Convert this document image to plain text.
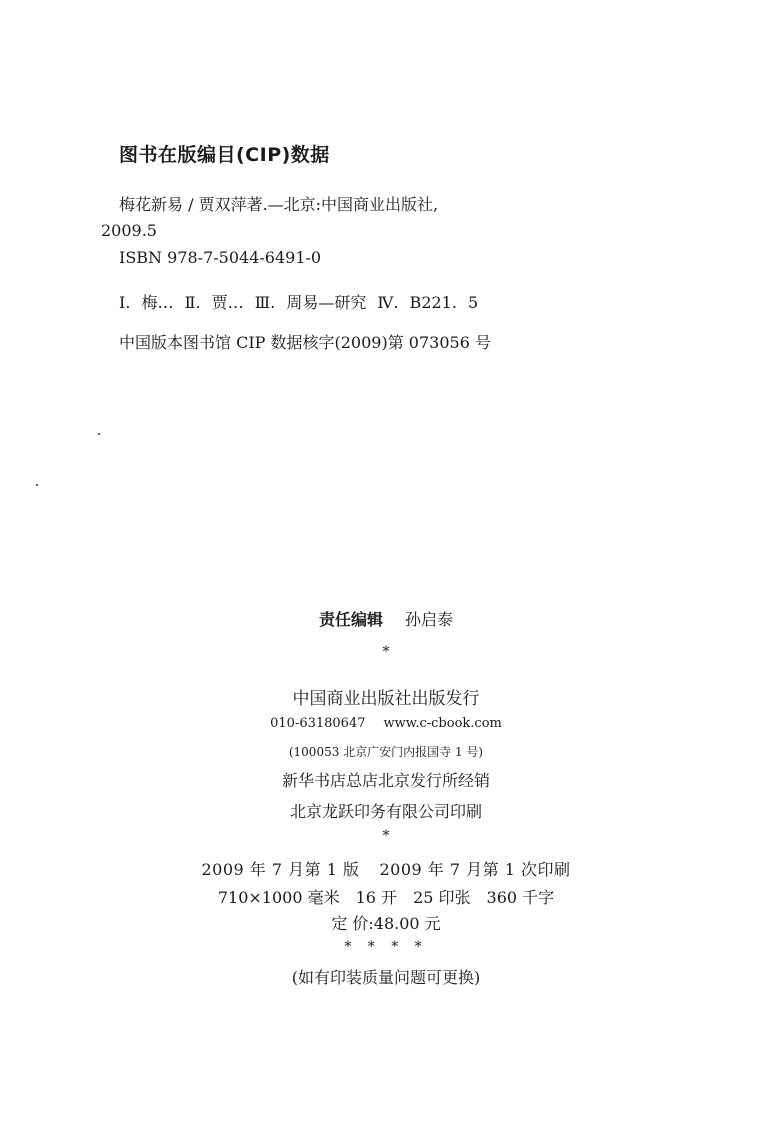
图书在版编目(CIP)数据
梅花新易 / 贾双萍著.—北京:中国商业出版社,
2009.5
ISBN 978-7-5044-6491-0
Ⅰ. 梅… Ⅱ. 贾… Ⅲ. 周易—研究 Ⅳ. B221. 5
中国版本图书馆 CIP 数据核字(2009)第 073056 号
责任编辑 孙启泰
*
中国商业出版社出版发行
010-63180647 www.c-cbook.com
(100053 北京广安门内报国寺 1 号)
新华书店总店北京发行所经销
北京龙跃印务有限公司印刷
*
2009 年 7 月第 1 版 2009 年 7 月第 1 次印刷
710×1000 毫米 16 开 25 印张 360 千字
定 价:48.00 元
* * * *
(如有印装质量问题可更换)
